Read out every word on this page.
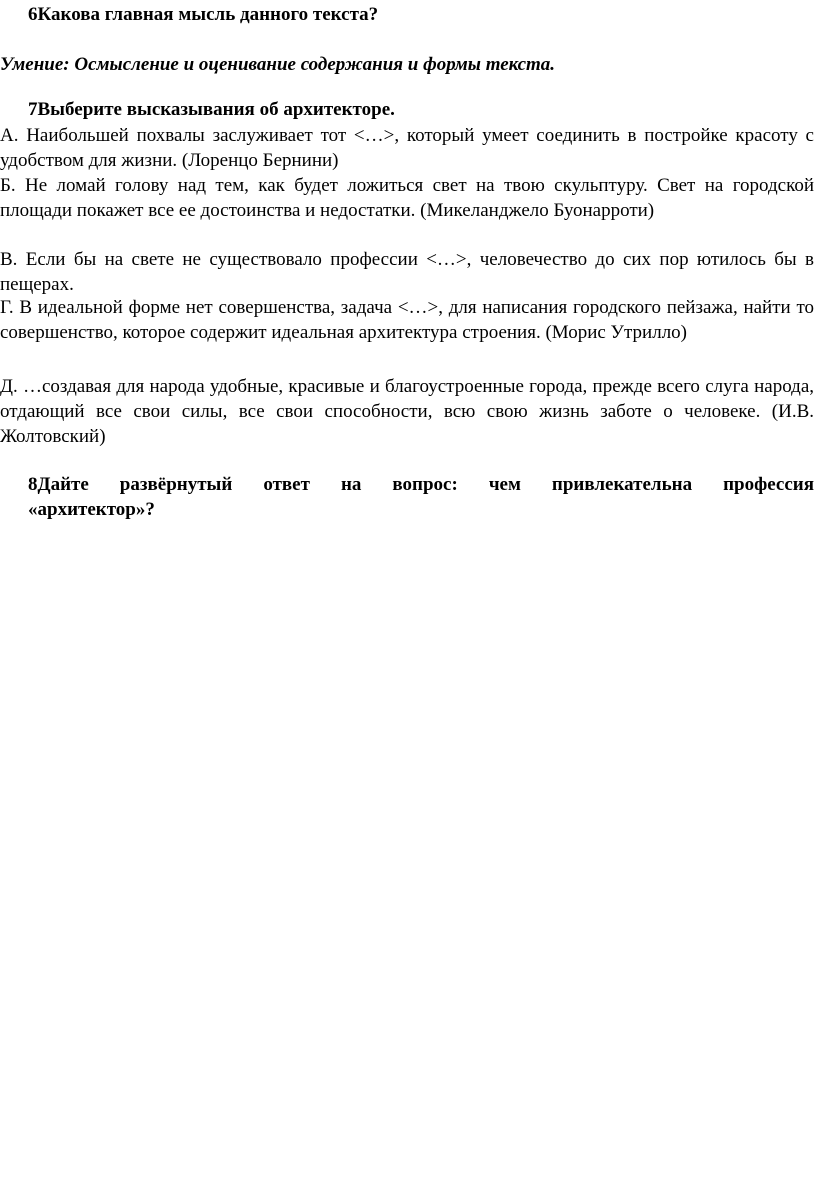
6Какова главная мысль данного текста?
Умение: Осмысление и оценивание содержания и формы текста.
7Выберите высказывания об архитекторе.
А. Наибольшей похвалы заслуживает тот <…>, который умеет соединить в постройке красоту с удобством для жизни. (Лоренцо Бернини)
Б. Не ломай голову над тем, как будет ложиться свет на твою скульптуру. Свет на городской площади покажет все ее достоинства и недостатки. (Микеланджело Буонарроти)
В. Если бы на свете не существовало профессии <…>, человечество до сих пор ютилось бы в пещерах.
Г. В идеальной форме нет совершенства, задача <…>, для написания городского пейзажа, найти то совершенство, которое содержит идеальная архитектура строения. (Морис Утрилло)
Д. …создавая для народа удобные, красивые и благоустроенные города, прежде всего слуга народа, отдающий все свои силы, все свои способности, всю свою жизнь заботе о человеке. (И.В. Жолтовский)
8Дайте развёрнутый ответ на вопрос: чем привлекательна профессия
«архитектор»?
